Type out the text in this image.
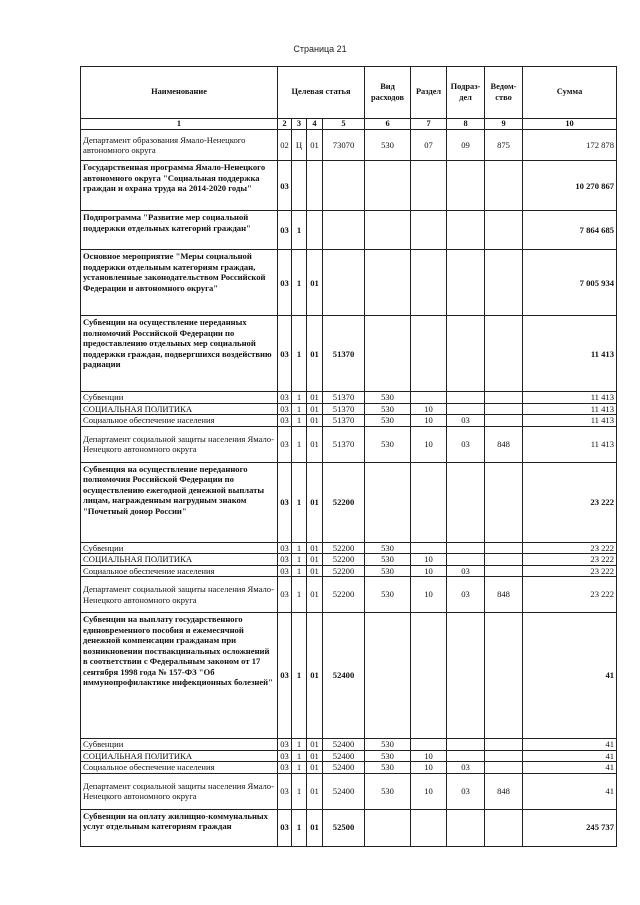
Страница 21
Наименование	Целевая статья				Вид расходов	Раздел	Подраз-дел	Ведом-ство	Сумма
1	2	3	4	5	6	7	8	9	10
Департамент образования Ямало-Ненецкого автономного округа	02	Ц	01	73070	530	07	09	875	172 878
Государственная программа Ямало-Ненецкого автономного округа "Социальная поддержка граждан и охрана труда на 2014-2020 годы"	03								10 270 867
Подпрограмма "Развитие мер социальной поддержки отдельных категорий граждан"	03	1							7 864 685
Основное мероприятие "Меры социальной поддержки отдельным категориям граждан, установленные законодательством Российской Федерации и автономного округа"	03	1	01						7 005 934
Субвенции на осуществление переданных полномочий Российской Федерации по предоставлению отдельных мер социальной поддержки граждан, подвергшихся воздействию радиации	03	1	01	51370					11 413
Субвенции	03	1	01	51370	530				11 413
СОЦИАЛЬНАЯ ПОЛИТИКА	03	1	01	51370	530	10			11 413
Социальное обеспечение населения	03	1	01	51370	530	10	03		11 413
Департамент социальной защиты населения Ямало-Ненецкого автономного округа	03	1	01	51370	530	10	03	848	11 413
Субвенция на осуществление переданного полномочия Российской Федерации по осуществлению ежегодной денежной выплаты лицам, награжденным нагрудным знаком "Почетный донор России"	03	1	01	52200					23 222
Субвенции	03	1	01	52200	530				23 222
СОЦИАЛЬНАЯ ПОЛИТИКА	03	1	01	52200	530	10			23 222
Социальное обеспечение населения	03	1	01	52200	530	10	03		23 222
Департамент социальной защиты населения Ямало-Ненецкого автономного округа	03	1	01	52200	530	10	03	848	23 222
Субвенции на выплату государственного единовременного пособия и ежемесячной денежной компенсации гражданам при возникновении поствакцинальных осложнений в соответствии с Федеральным законом от 17 сентября 1998 года № 157-ФЗ "Об иммунопрофилактике инфекционных болезней"	03	1	01	52400					41
Субвенции	03	1	01	52400	530				41
СОЦИАЛЬНАЯ ПОЛИТИКА	03	1	01	52400	530	10			41
Социальное обеспечение населения	03	1	01	52400	530	10	03		41
Департамент социальной защиты населения Ямало-Ненецкого автономного округа	03	1	01	52400	530	10	03	848	41
Субвенции на оплату жилищно-коммунальных услуг отдельным категориям граждан	03	1	01	52500					245 737
